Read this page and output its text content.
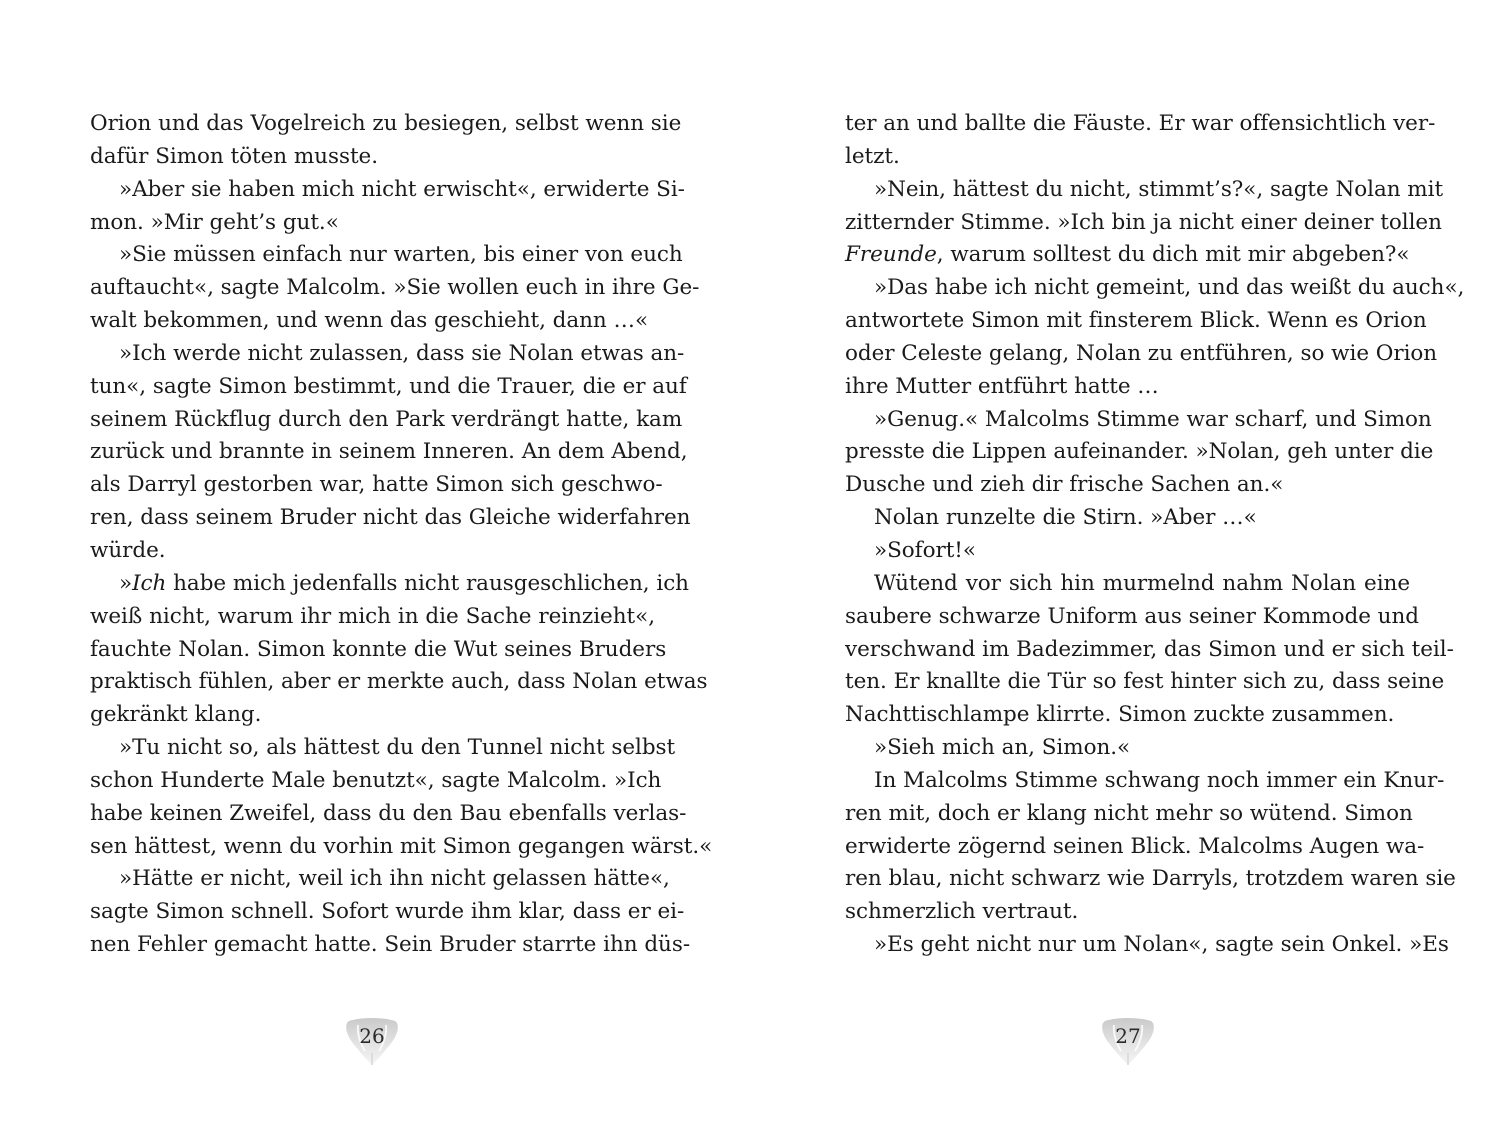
Orion und das Vogelreich zu besiegen, selbst wenn sie
dafür Simon töten musste.
»Aber sie haben mich nicht erwischt«, erwiderte Si-
mon. »Mir geht’s gut.«
»Sie müssen einfach nur warten, bis einer von euch
auftaucht«, sagte Malcolm. »Sie wollen euch in ihre Ge-
walt bekommen, und wenn das geschieht, dann …«
»Ich werde nicht zulassen, dass sie Nolan etwas an-
tun«, sagte Simon bestimmt, und die Trauer, die er auf
seinem Rückflug durch den Park verdrängt hatte, kam
zurück und brannte in seinem Inneren. An dem Abend,
als Darryl gestorben war, hatte Simon sich geschwo-
ren, dass seinem Bruder nicht das Gleiche widerfahren
würde.
»Ich habe mich jedenfalls nicht rausgeschlichen, ich
weiß nicht, warum ihr mich in die Sache reinzieht«,
fauchte Nolan. Simon konnte die Wut seines Bruders
praktisch fühlen, aber er merkte auch, dass Nolan etwas
gekränkt klang.
»Tu nicht so, als hättest du den Tunnel nicht selbst
schon Hunderte Male benutzt«, sagte Malcolm. »Ich
habe keinen Zweifel, dass du den Bau ebenfalls verlas-
sen hättest, wenn du vorhin mit Simon gegangen wärst.«
»Hätte er nicht, weil ich ihn nicht gelassen hätte«,
sagte Simon schnell. Sofort wurde ihm klar, dass er ei-
nen Fehler gemacht hatte. Sein Bruder starrte ihn düs-
ter an und ballte die Fäuste. Er war offensichtlich ver-
letzt.
»Nein, hättest du nicht, stimmt’s?«, sagte Nolan mit
zitternder Stimme. »Ich bin ja nicht einer deiner tollen
Freunde, warum solltest du dich mit mir abgeben?«
»Das habe ich nicht gemeint, und das weißt du auch«,
antwortete Simon mit finsterem Blick. Wenn es Orion
oder Celeste gelang, Nolan zu entführen, so wie Orion
ihre Mutter entführt hatte …
»Genug.« Malcolms Stimme war scharf, und Simon
presste die Lippen aufeinander. »Nolan, geh unter die
Dusche und zieh dir frische Sachen an.«
Nolan runzelte die Stirn. »Aber …«
»Sofort!«
Wütend vor sich hin murmelnd nahm Nolan eine
saubere schwarze Uniform aus seiner Kommode und
verschwand im Badezimmer, das Simon und er sich teil-
ten. Er knallte die Tür so fest hinter sich zu, dass seine
Nachttischlampe klirrte. Simon zuckte zusammen.
»Sieh mich an, Simon.«
In Malcolms Stimme schwang noch immer ein Knur-
ren mit, doch er klang nicht mehr so wütend. Simon
erwiderte zögernd seinen Blick. Malcolms Augen wa-
ren blau, nicht schwarz wie Darryls, trotzdem waren sie
schmerzlich vertraut.
»Es geht nicht nur um Nolan«, sagte sein Onkel. »Es
26	27
